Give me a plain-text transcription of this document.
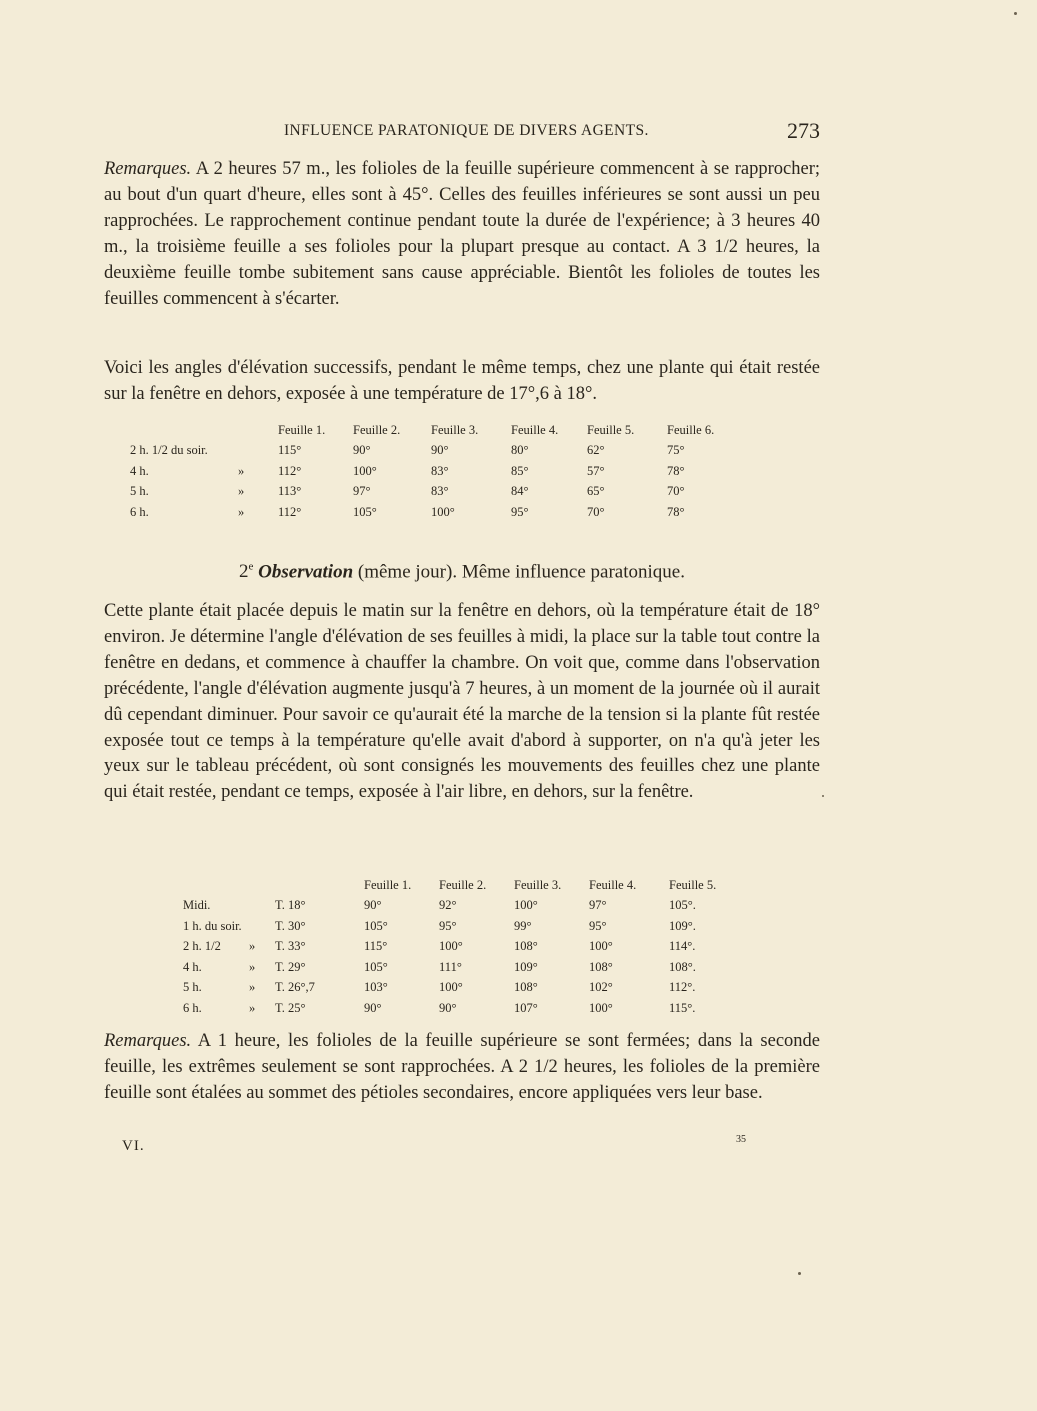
INFLUENCE PARATONIQUE DE DIVERS AGENTS.	273

Remarques. A 2 heures 57 m., les folioles de la feuille supérieure commencent à se rapprocher; au bout d'un quart d'heure, elles sont à 45°. Celles des feuilles inférieures se sont aussi un peu rapprochées. Le rapprochement continue pendant toute la durée de l'expérience; à 3 heures 40 m., la troisième feuille a ses folioles pour la plupart presque au contact. A 3 1/2 heures, la deuxième feuille tombe subitement sans cause appréciable. Bientôt les folioles de toutes les feuilles commencent à s'écarter.

Voici les angles d'élévation successifs, pendant le même temps, chez une plante qui était restée sur la fenêtre en dehors, exposée à une température de 17°,6 à 18°.

		Feuille 1.	Feuille 2.	Feuille 3.	Feuille 4.	Feuille 5.	Feuille 6.
2 h. 1/2 du soir.		115°	90°	90°	80°	62°	75°
4 h.	»	112°	100°	83°	85°	57°	78°
5 h.	»	113°	97°	83°	84°	65°	70°
6 h.	»	112°	105°	100°	95°	70°	78°
2e Observation (même jour). Même influence paratonique.

Cette plante était placée depuis le matin sur la fenêtre en dehors, où la température était de 18° environ. Je détermine l'angle d'élévation de ses feuilles à midi, la place sur la table tout contre la fenêtre en dedans, et commence à chauffer la chambre. On voit que, comme dans l'observation précédente, l'angle d'élévation augmente jusqu'à 7 heures, à un moment de la journée où il aurait dû cependant diminuer. Pour savoir ce qu'aurait été la marche de la tension si la plante fût restée exposée tout ce temps à la température qu'elle avait d'abord à supporter, on n'a qu'à jeter les yeux sur le tableau précédent, où sont consignés les mouvements des feuilles chez une plante qui était restée, pendant ce temps, exposée à l'air libre, en dehors, sur la fenêtre.

			Feuille 1.	Feuille 2.	Feuille 3.	Feuille 4.	Feuille 5.
Midi.		T. 18°	90°	92°	100°	97°	105°.
1 h. du soir.		T. 30°	105°	95°	99°	95°	109°.
2 h. 1/2	»	T. 33°	115°	100°	108°	100°	114°.
4 h.	»	T. 29°	105°	111°	109°	108°	108°.
5 h.	»	T. 26°,7	103°	100°	108°	102°	112°.
6 h.	»	T. 25°	90°	90°	107°	100°	115°.

Remarques. A 1 heure, les folioles de la feuille supérieure se sont fermées; dans la seconde feuille, les extrêmes seulement se sont rapprochées. A 2 1/2 heures, les folioles de la première feuille sont étalées au sommet des pétioles secondaires, encore appliquées vers leur base.

VI.	35
